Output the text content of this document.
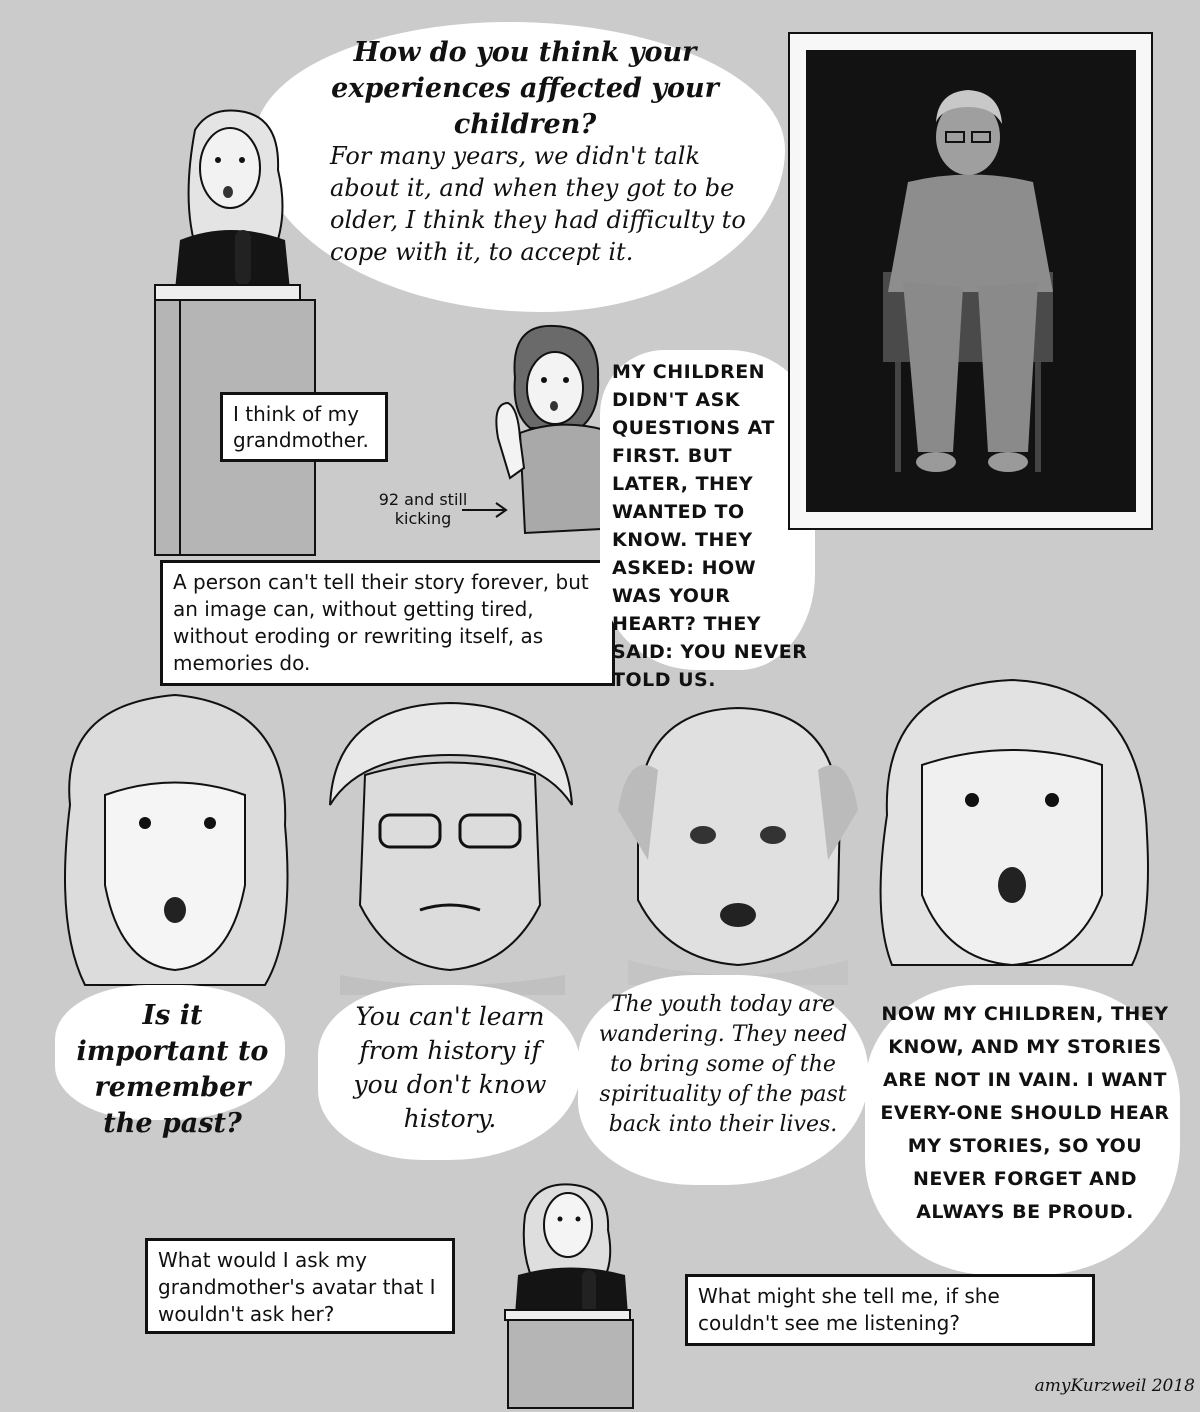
How do you think your experiences affected your children?

For many years, we didn't talk about it, and when they got to be older, I think they had difficulty to cope with it, to accept it.

I think of my grandmother.

92 and still kicking

A person can't tell their story forever, but an image can, without getting tired, without eroding or rewriting itself, as memories do.

MY CHILDREN DIDN'T ASK QUESTIONS AT FIRST. BUT LATER, THEY WANTED TO KNOW. THEY ASKED: HOW WAS YOUR HEART? THEY SAID: YOU NEVER TOLD US.

Is it important to remember the past?

You can't learn from history if you don't know history.

The youth today are wandering. They need to bring some of the spirituality of the past back into their lives.

NOW MY CHILDREN, THEY KNOW, AND MY STORIES ARE NOT IN VAIN. I WANT EVERY-ONE SHOULD HEAR MY STORIES, SO YOU NEVER FORGET AND ALWAYS BE PROUD.

What would I ask my grandmother's avatar that I wouldn't ask her?
What might she tell me, if she couldn't see me listening?

amyKurzweil 2018
